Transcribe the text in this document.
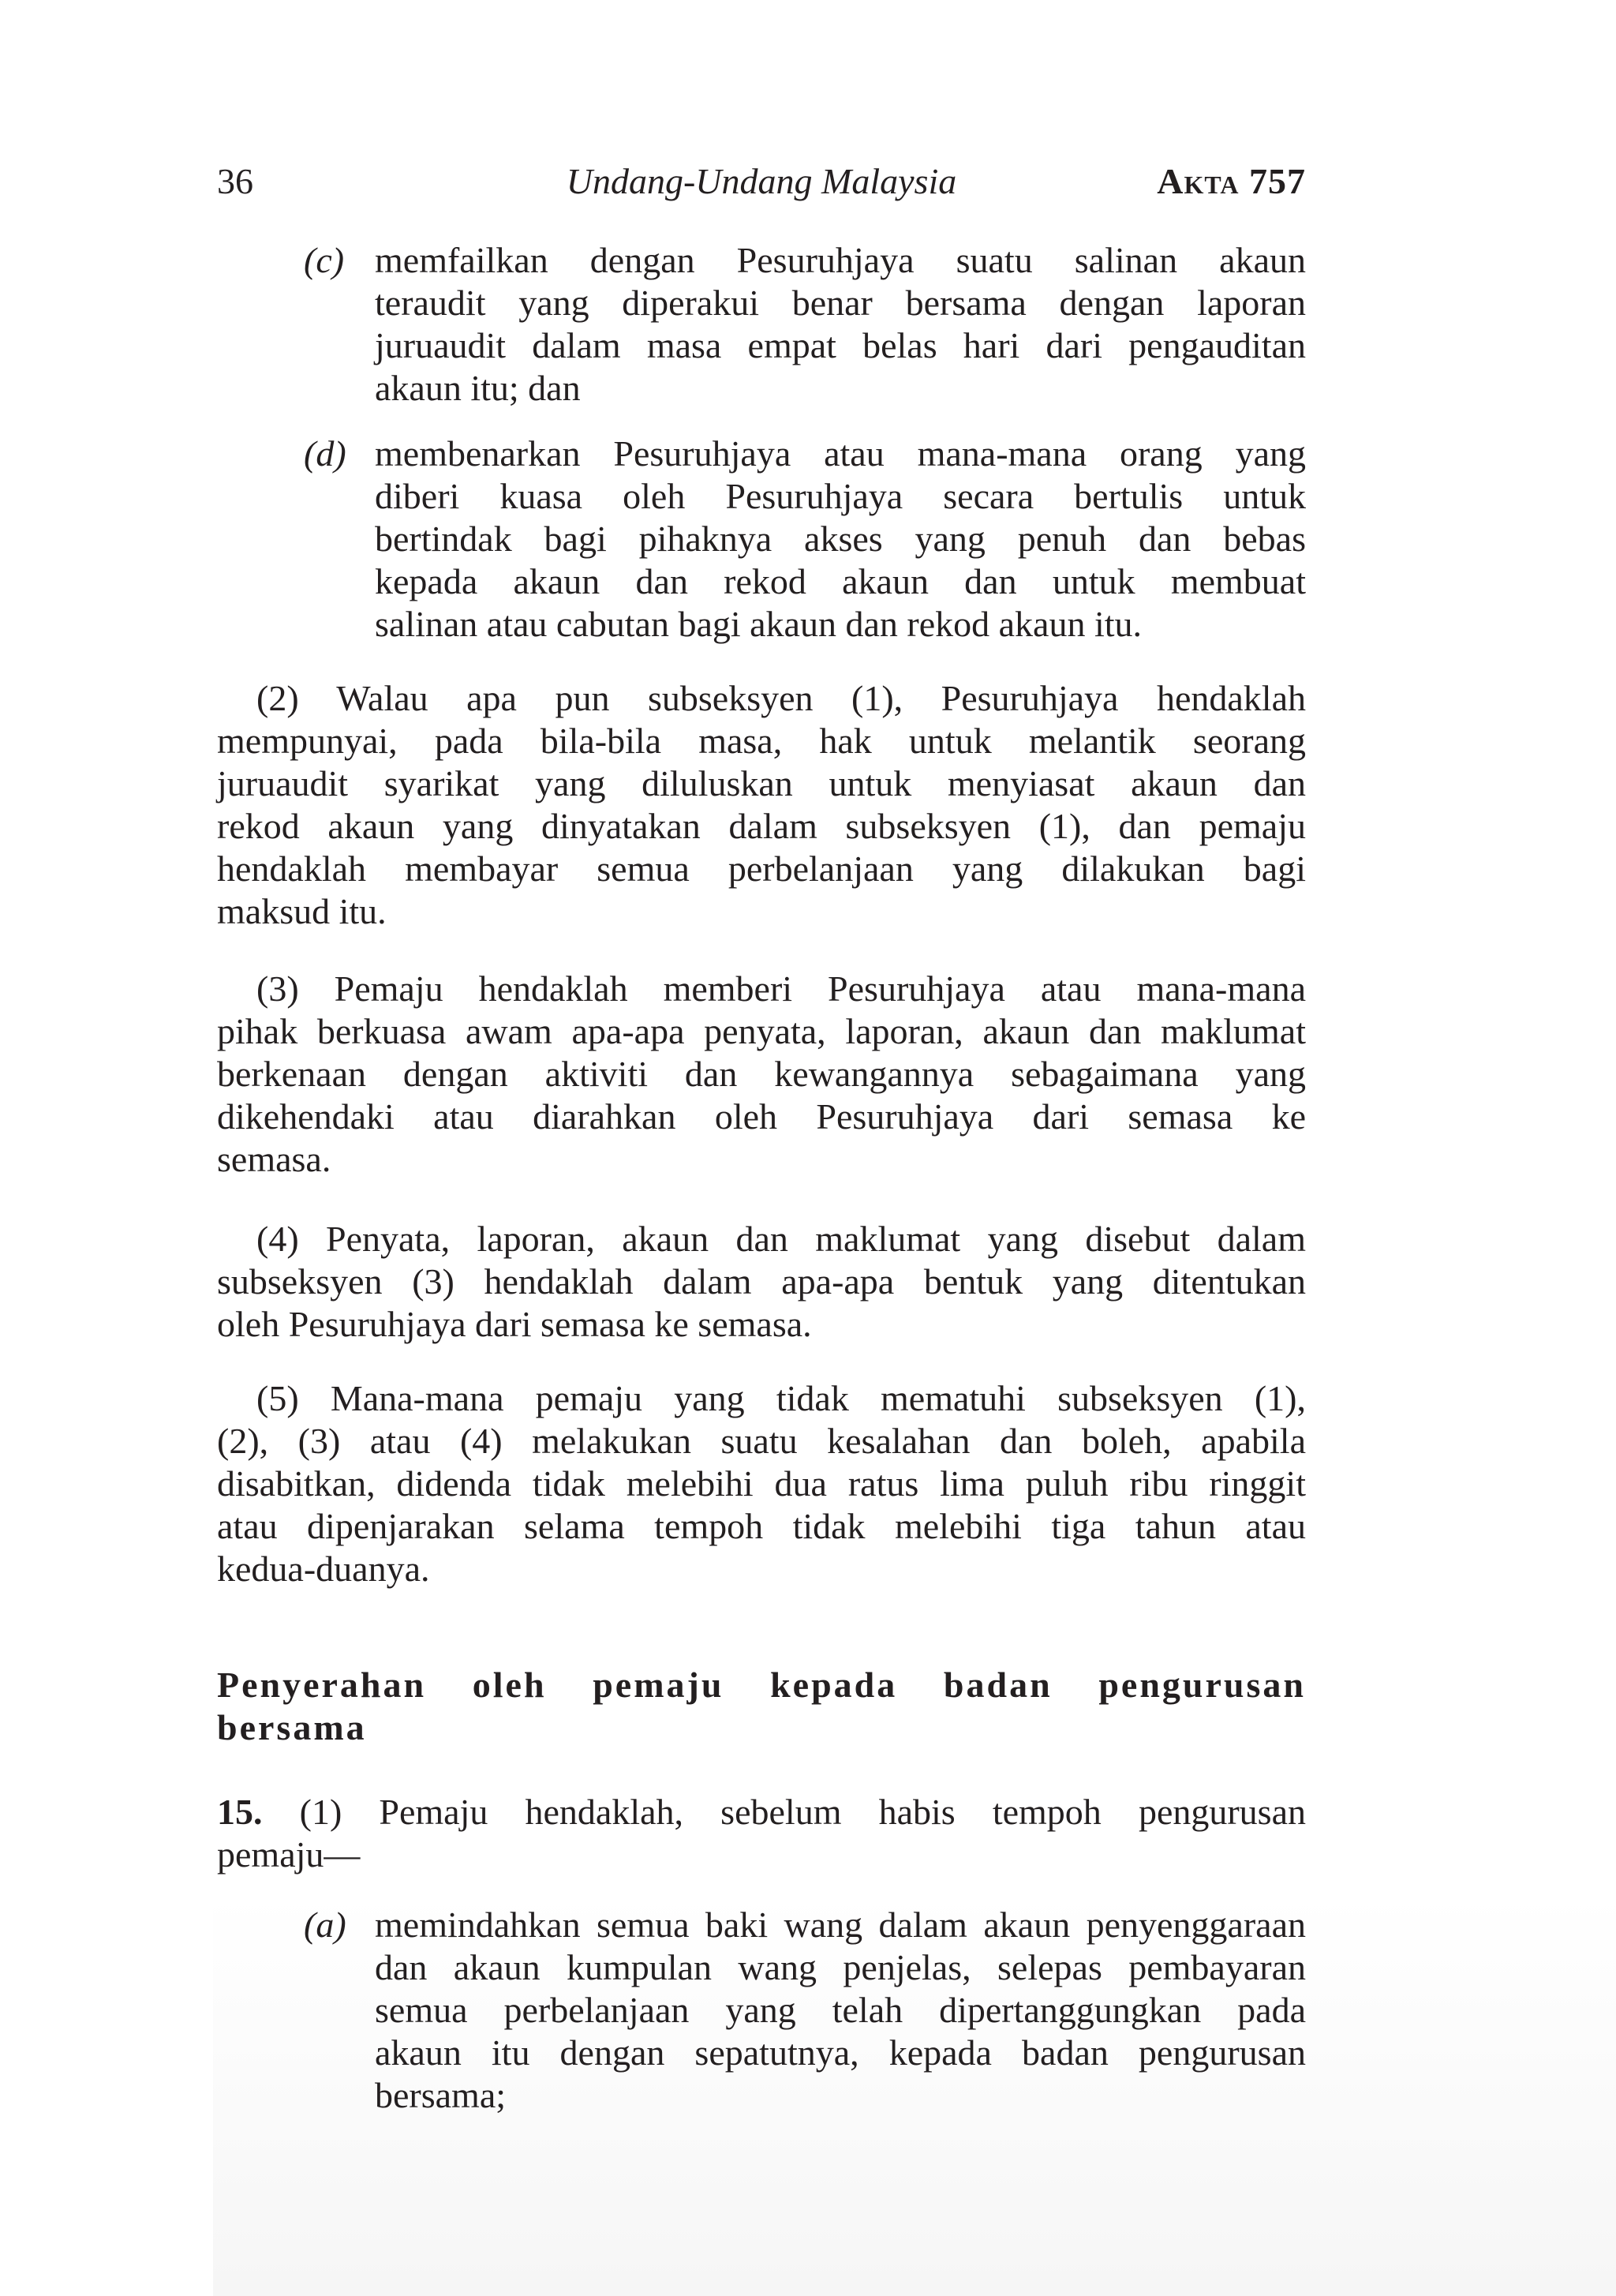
36	Undang-Undang Malaysia	Akta 757
(c) memfailkan dengan Pesuruhjaya suatu salinan akaun
teraudit yang diperakui benar bersama dengan laporan
juruaudit dalam masa empat belas hari dari pengauditan
akaun itu; dan
(d) membenarkan Pesuruhjaya atau mana-mana orang yang
diberi kuasa oleh Pesuruhjaya secara bertulis untuk
bertindak bagi pihaknya akses yang penuh dan bebas
kepada akaun dan rekod akaun dan untuk membuat
salinan atau cabutan bagi akaun dan rekod akaun itu.
(2) Walau apa pun subseksyen (1), Pesuruhjaya hendaklah
mempunyai, pada bila-bila masa, hak untuk melantik seorang
juruaudit syarikat yang diluluskan untuk menyiasat akaun dan
rekod akaun yang dinyatakan dalam subseksyen (1), dan pemaju
hendaklah membayar semua perbelanjaan yang dilakukan bagi
maksud itu.
(3) Pemaju hendaklah memberi Pesuruhjaya atau mana-mana
pihak berkuasa awam apa-apa penyata, laporan, akaun dan maklumat
berkenaan dengan aktiviti dan kewangannya sebagaimana yang
dikehendaki atau diarahkan oleh Pesuruhjaya dari semasa ke
semasa.
(4) Penyata, laporan, akaun dan maklumat yang disebut dalam
subseksyen (3) hendaklah dalam apa-apa bentuk yang ditentukan
oleh Pesuruhjaya dari semasa ke semasa.
(5) Mana-mana pemaju yang tidak mematuhi subseksyen (1),
(2), (3) atau (4) melakukan suatu kesalahan dan boleh, apabila
disabitkan, didenda tidak melebihi dua ratus lima puluh ribu ringgit
atau dipenjarakan selama tempoh tidak melebihi tiga tahun atau
kedua-duanya.
Penyerahan oleh pemaju kepada badan pengurusan
bersama
15. (1) Pemaju hendaklah, sebelum habis tempoh pengurusan
pemaju—
(a) memindahkan semua baki wang dalam akaun penyenggaraan
dan akaun kumpulan wang penjelas, selepas pembayaran
semua perbelanjaan yang telah dipertanggungkan pada
akaun itu dengan sepatutnya, kepada badan pengurusan
bersama;
